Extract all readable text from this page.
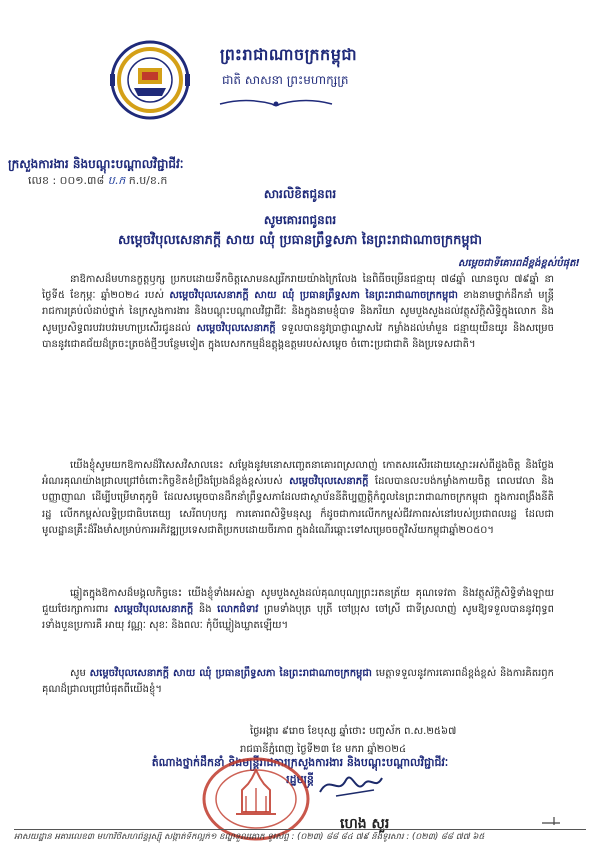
ព្រះរាជាណាចក្រកម្ពុជា
ជាតិ សាសនា ព្រះមហាក្សត្រ
ក្រសួងការងារ និងបណ្តុះបណ្តាលវិជ្ជាជីវៈ
លេខ : ០០១.៣៨ ប.ក ក.ប/ខ.ក
សារលិខិតជូនពរ
សូមគោរពជូនពរ
សម្តេចវិបុលសេនាភក្តី សាយ ឈុំ ប្រធានព្រឹទ្ធសភា នៃព្រះរាជាណាចក្រកម្ពុជា
សម្តេចជាទីគោរពដ៏ខ្ពង់ខ្ពស់បំផុត!
នាឱកាសដ៏មហានក្ខត្តឫក្ស ប្រកបដោយទឹកចិត្តសោមនស្សរីករាយយ៉ាងក្រៃលែង នៃពិធីចម្រើនជន្មាយុ ៧៨ឆ្នាំ ឈានចូល ៧៩ឆ្នាំ នាថ្ងៃទី៥ ខែកុម្ភៈ ឆ្នាំ២០២៤ របស់ សម្តេចវិបុលសេនាភក្តី សាយ ឈុំ ប្រធានព្រឹទ្ធសភា នៃព្រះរាជាណាចក្រកម្ពុជា ខាងនាមថ្នាក់ដឹកនាំ មន្ត្រីរាជការគ្រប់លំដាប់ថ្នាក់ នៃក្រសួងការងារ និងបណ្តុះបណ្តាលវិជ្ជាជីវៈ និងក្នុងនាមខ្ញុំបាទ និងភរិយា សូមបួងសួងដល់វត្ថុស័ក្តិសិទ្ធិក្នុងលោក និងសូមប្រសិទ្ធពរបវរបវរមហាប្រសើរជូនដល់ សម្តេចវិបុលសេនាភក្តី ទទួលបាននូវប្រាជ្ញាឈ្លាសវៃ កម្លាំងដល់មាំមួន ជន្មាយុយឺនយូរ និងសម្រេចបាននូវជោគជ័យដ៏ត្រចះត្រចង់ថ្មីៗបន្ថែមទៀត ក្នុងបេសកកម្មដ៏ឧត្តុង្គឧត្តមរបស់សម្តេច ចំពោះប្រជាជាតិ និងប្រទេសជាតិ។
យើងខ្ញុំសូមយកឱកាសដ៏វិសេសវិសាលនេះ សម្តែងនូវមនោសញ្ចេតនាគោរពស្រលាញ់ កោតសរសើរដោយស្មោះអស់ពីដួងចិត្ត និងថ្លែងអំណរគុណយ៉ាងជ្រាលជ្រៅចំពោះកិច្ចខិតខំប្រឹងប្រែងដ៏ខ្ពង់ខ្ពស់របស់ សម្តេចវិបុលសេនាភក្តី ដែលបានលះបង់កម្លាំងកាយចិត្ត ពេលវេលា និងបញ្ញាញាណ ដើម្បីបម្រើមាតុភូមិ ដែលសម្តេចបានដឹកនាំព្រឹទ្ធសភាដែលជាស្ថាប័ននីតិប្បញ្ញត្តិកំពូលនៃព្រះរាជាណាចក្រកម្ពុជា ក្នុងការពង្រឹងនីតិរដ្ឋ លើកកម្ពស់លទ្ធិប្រជាធិបតេយ្យ សេរីពហុបក្ស ការគោរពសិទ្ធិមនុស្ស ក៏ដូចជាការលើកកម្ពស់ជីវភាពរស់នៅរបស់ប្រជាពលរដ្ឋ ដែលជាមូលដ្ឋានគ្រឹះដ៏រឹងមាំសម្រាប់ការអភិវឌ្ឍប្រទេសជាតិប្រកបដោយចីរភាព ក្នុងដំណើរឆ្ពោះទៅសម្រេចចក្ខុវិស័យកម្ពុជាឆ្នាំ២០៥០។
ឆ្លៀតក្នុងឱកាសដ៏មង្គលកិច្ចនេះ យើងខ្ញុំទាំងអស់គ្នា សូមបួងសួងដល់គុណបុណ្យព្រះរតនត្រ័យ គុណទេវតា និងវត្ថុស័ក្តិសិទ្ធិទាំងឡាយ ជួយថែរក្សាការពារ សម្តេចវិបុលសេនាភក្តី និង លោកជំទាវ ព្រមទាំងបុត្រ បុត្រី ចៅប្រុស ចៅស្រី ជាទីស្រលាញ់ សូមឱ្យទទួលបាននូវពុទ្ធពរទាំងបួនប្រការគឺ អាយុ វណ្ណៈ សុខៈ និងពលៈ កុំបីឃ្លៀងឃ្លាតឡើយ។
សូម សម្តេចវិបុលសេនាភក្តី សាយ ឈុំ ប្រធានព្រឹទ្ធសភា នៃព្រះរាជាណាចក្រកម្ពុជា មេត្តាទទួលនូវការគោរពដ៏ខ្ពង់ខ្ពស់ និងការគិតរឭកគុណដ៏ជ្រាលជ្រៅបំផុតពីយើងខ្ញុំ។
ថ្ងៃអង្គារ ៩រោច ខែបុស្ស ឆ្នាំថោះ បញ្ចស័ក ព.ស.២៥៦៧
រាជធានីភ្នំពេញ ថ្ងៃទី២៣ ខែ មករា ឆ្នាំ២០២៤
តំណាងថ្នាក់ដឹកនាំ និងមន្ត្រីរាជការក្រសួងការងារ និងបណ្តុះបណ្តាលវិជ្ជាជីវៈ
រដ្ឋមន្ត្រី
ហេង សួរ
អាសយដ្ឋាន អគារលេខ៣ មហាវិថីសហព័ន្ធរុស្ស៊ី សង្កាត់ទឹកល្អក់១ ខណ្ឌទួលគោក ទូរស័ព្ទ : (០២៣) ៨៨ ៨៤ ៧៩ និងទូរសារ : (០២៣) ៨៨ ៧៧ ៦៥
